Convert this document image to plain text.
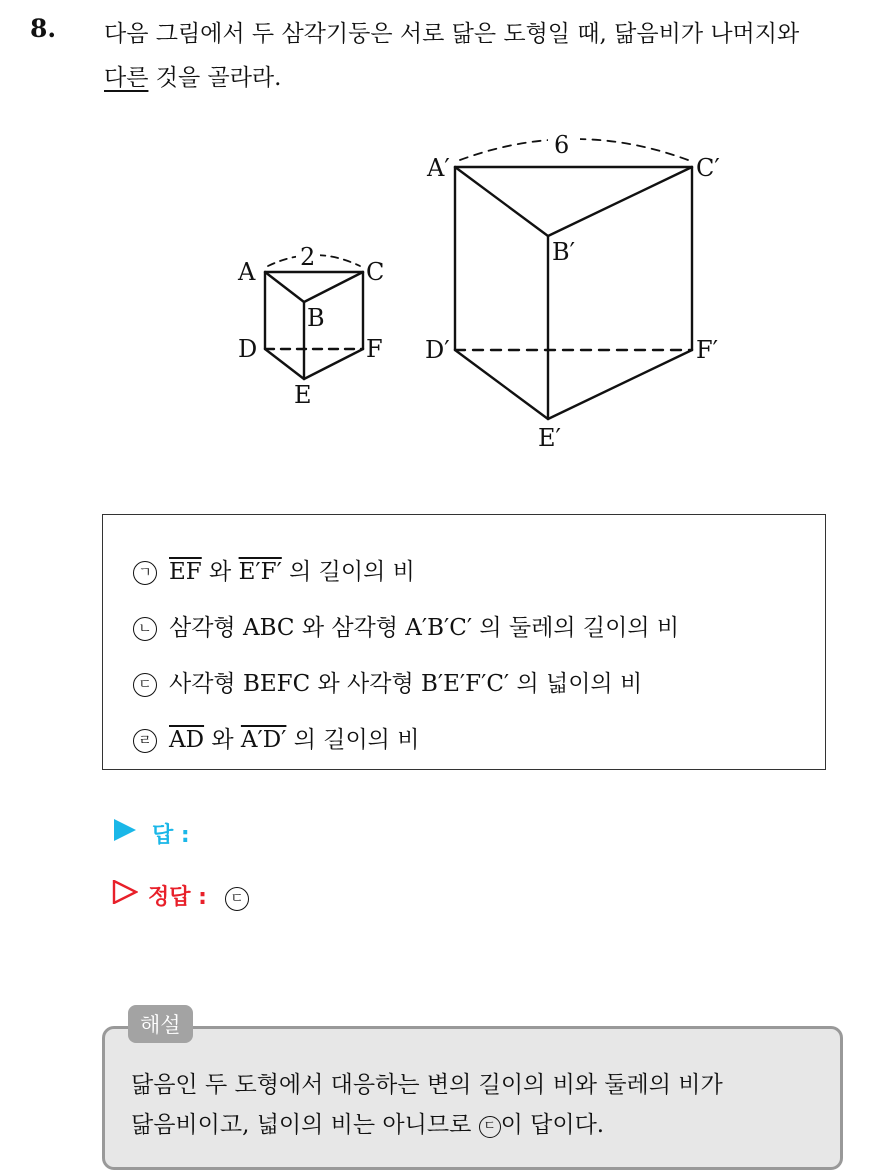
8. 다음 그림에서 두 삼각기둥은 서로 닮은 도형일 때, 닮음비가 나머지와
다른 것을 골라라.
2
A	C
B
D	F
E
6
A′	C′
B′
D′	F′
E′
ㄱ $\overline{EF}$ 와 E′F′ 의 길이의 비
ㄴ 삼각형 ABC 와 삼각형 A′B′C′ 의 둘레의 길이의 비
ㄷ 사각형 BEFC 와 사각형 B′E′F′C′ 의 넓이의 비
ㄹ $\overline{AD}$ 와 A′D′ 의 길이의 비
답 :
정답 : ㄷ
닮음인 두 도형에서 대응하는 변의 길이의 비와 둘레의 비가
닮음비이고, 넓이의 비는 아니므로 ㄷ 이 답이다.
해설
